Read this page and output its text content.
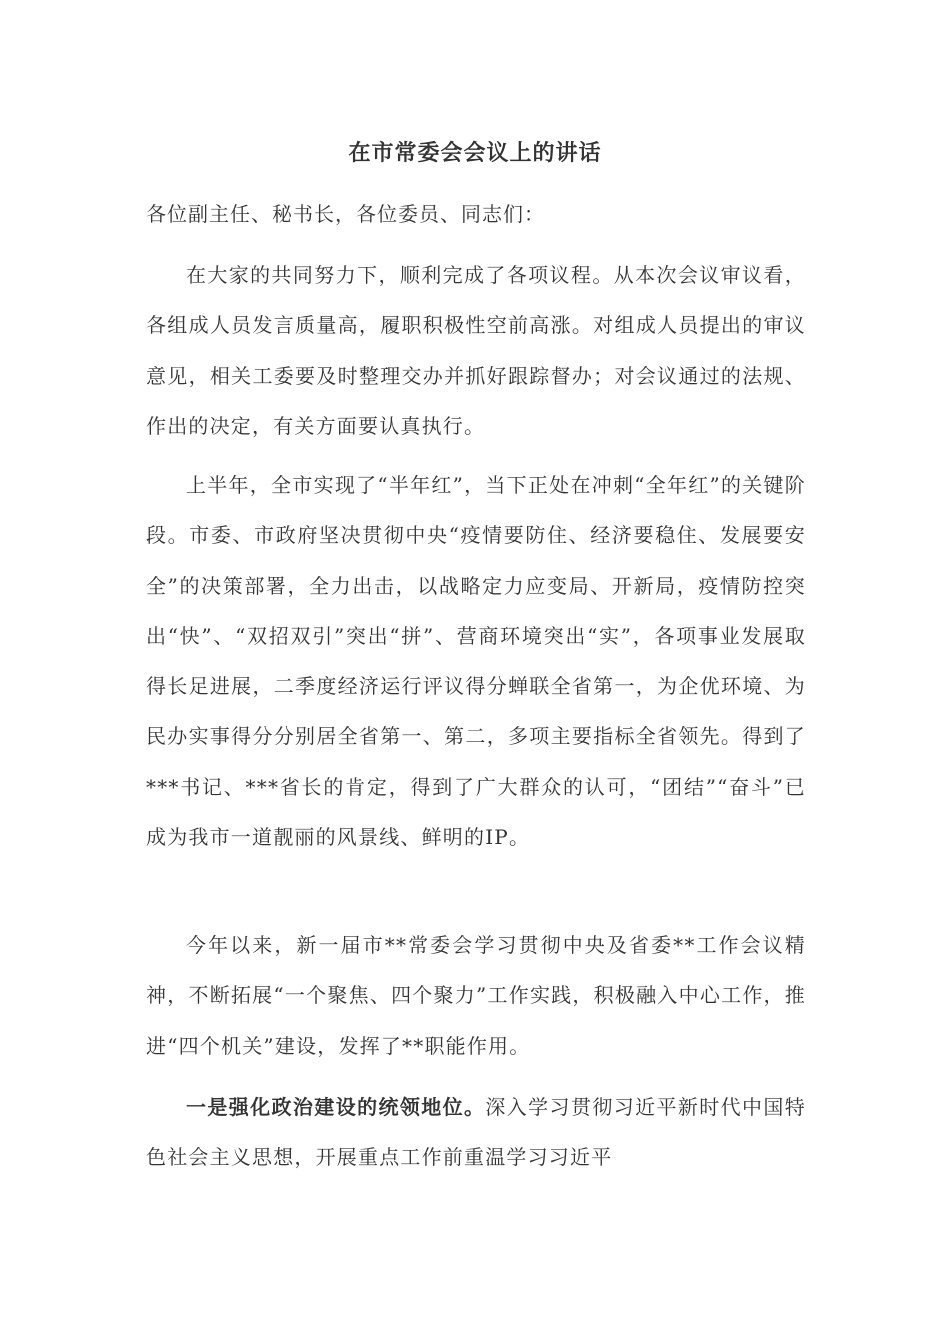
在市常委会会议上的讲话
各位副主任、秘书长，各位委员、同志们：

在大家的共同努力下，顺利完成了各项议程。从本次会议审议看，各组成人员发言质量高，履职积极性空前高涨。对组成人员提出的审议意见，相关工委要及时整理交办并抓好跟踪督办；对会议通过的法规、作出的决定，有关方面要认真执行。

上半年，全市实现了“半年红”，当下正处在冲刺“全年红”的关键阶段。市委、市政府坚决贯彻中央“疫情要防住、经济要稳住、发展要安全”的决策部署，全力出击，以战略定力应变局、开新局，疫情防控突出“快”、“双招双引”突出“拼”、营商环境突出“实”，各项事业发展取得长足进展，二季度经济运行评议得分蝉联全省第一，为企优环境、为民办实事得分分别居全省第一、第二，多项主要指标全省领先。得到了***书记、***省长的肯定，得到了广大群众的认可，“团结”“奋斗”已成为我市一道靓丽的风景线、鲜明的IP。

今年以来，新一届市**常委会学习贯彻中央及省委**工作会议精神，不断拓展“一个聚焦、四个聚力”工作实践，积极融入中心工作，推进“四个机关”建设，发挥了**职能作用。

一是强化政治建设的统领地位。深入学习贯彻习近平新时代中国特色社会主义思想，开展重点工作前重温学习习近平
